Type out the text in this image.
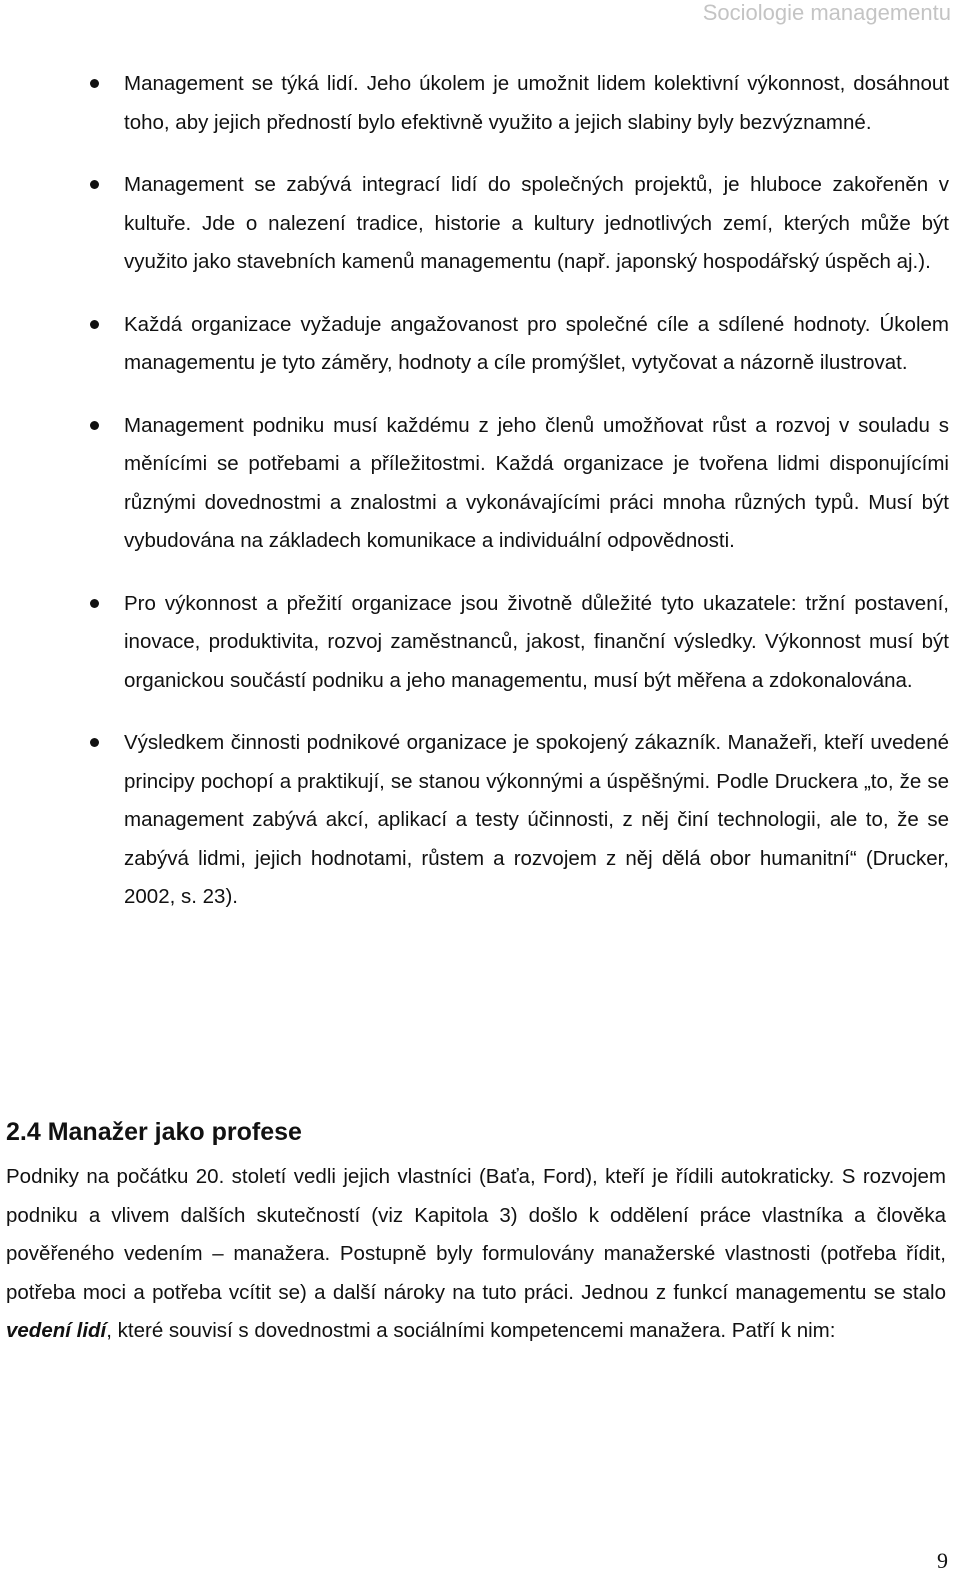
Sociologie managementu

Management se týká lidí. Jeho úkolem je umožnit lidem kolektivní výkonnost, dosáhnout toho, aby jejich předností bylo efektivně využito a jejich slabiny byly bezvýznamné.

Management se zabývá integrací lidí do společných projektů, je hluboce zakořeněn v kultuře. Jde o nalezení tradice, historie a kultury jednotlivých zemí, kterých může být využito jako stavebních kamenů managementu (např. japonský hospodářský úspěch aj.).

Každá organizace vyžaduje angažovanost pro společné cíle a sdílené hodnoty. Úkolem managementu je tyto záměry, hodnoty a cíle promýšlet, vytyčovat a názorně ilustrovat.

Management podniku musí každému z jeho členů umožňovat růst a rozvoj v souladu s měnícími se potřebami a příležitostmi. Každá organizace je tvořena lidmi disponujícími různými dovednostmi a znalostmi a vykonávajícími práci mnoha různých typů. Musí být vybudována na základech komunikace a individuální odpovědnosti.

Pro výkonnost a přežití organizace jsou životně důležité tyto ukazatele: tržní postavení, inovace, produktivita, rozvoj zaměstnanců, jakost, finanční výsledky. Výkonnost musí být organickou součástí podniku a jeho managementu, musí být měřena a zdokonalována.

Výsledkem činnosti podnikové organizace je spokojený zákazník. Manažeři, kteří uvedené principy pochopí a praktikují, se stanou výkonnými a úspěšnými. Podle Druckera „to, že se management zabývá akcí, aplikací a testy účinnosti, z něj činí technologii, ale to, že se zabývá lidmi, jejich hodnotami, růstem a rozvojem z něj dělá obor humanitní“ (Drucker, 2002, s. 23).

2.4 Manažer jako profese

Podniky na počátku 20. století vedli jejich vlastníci (Baťa, Ford), kteří je řídili autokraticky. S rozvojem podniku a vlivem dalších skutečností (viz Kapitola 3) došlo k oddělení práce vlastníka a člověka pověřeného vedením – manažera. Postupně byly formulovány manažerské vlastnosti (potřeba řídit, potřeba moci a potřeba vcítit se) a další nároky na tuto práci. Jednou z funkcí managementu se stalo vedení lidí, které souvisí s dovednostmi a sociálními kompetencemi manažera. Patří k nim:

9
